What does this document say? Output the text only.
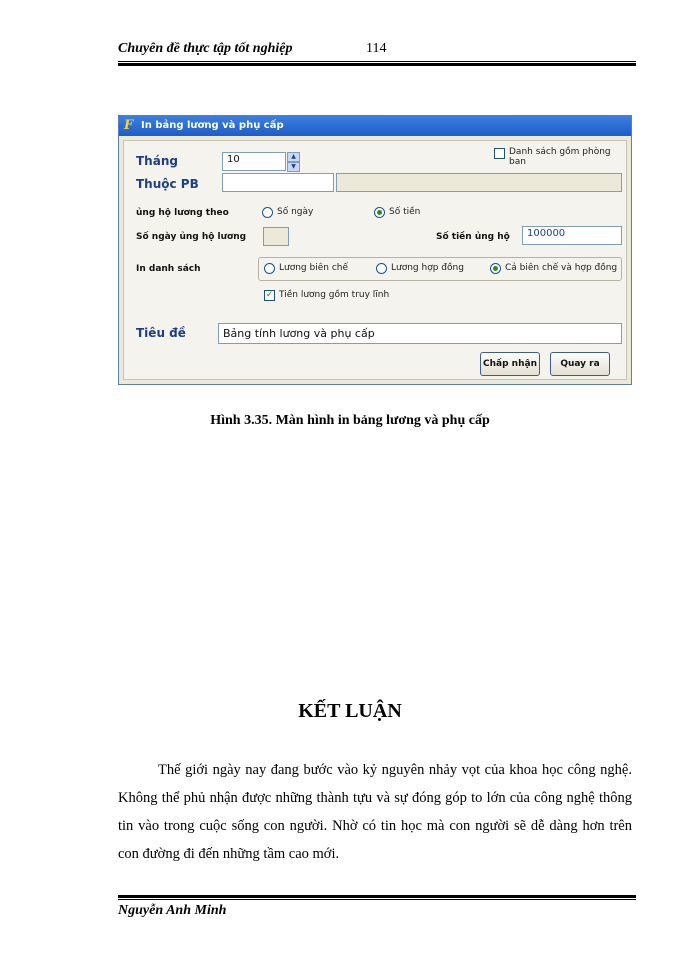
Chuyên đề thực tập tốt nghiệp	114
F In bảng lương và phụ cấp
Tháng	10	▲
▼
Danh sách gồm phòng ban
Thuộc PB
ủng hộ lương theo	Số ngày	Số tiền
Số ngày ủng hộ lương	Số tiền ủng hộ	100000
In danh sách	Lương biên chế	Lương hợp đồng	Cả biên chế và hợp đồng
✓ Tiền lương gồm truy lĩnh
Tiêu đề	Bảng tính lương và phụ cấp
Chấp nhận	Quay ra
Hình 3.35. Màn hình in bảng lương và phụ cấp
KẾT LUẬN
Thế giới ngày nay đang bước vào kỷ nguyên nhảy vọt của khoa học công nghệ. Không thể phủ nhận được những thành tựu và sự đóng góp to lớn của công nghệ thông tin vào trong cuộc sống con người. Nhờ có tin học mà con người sẽ dễ dàng hơn trên con đường đi đến những tầm cao mới.
Nguyễn Anh Minh
